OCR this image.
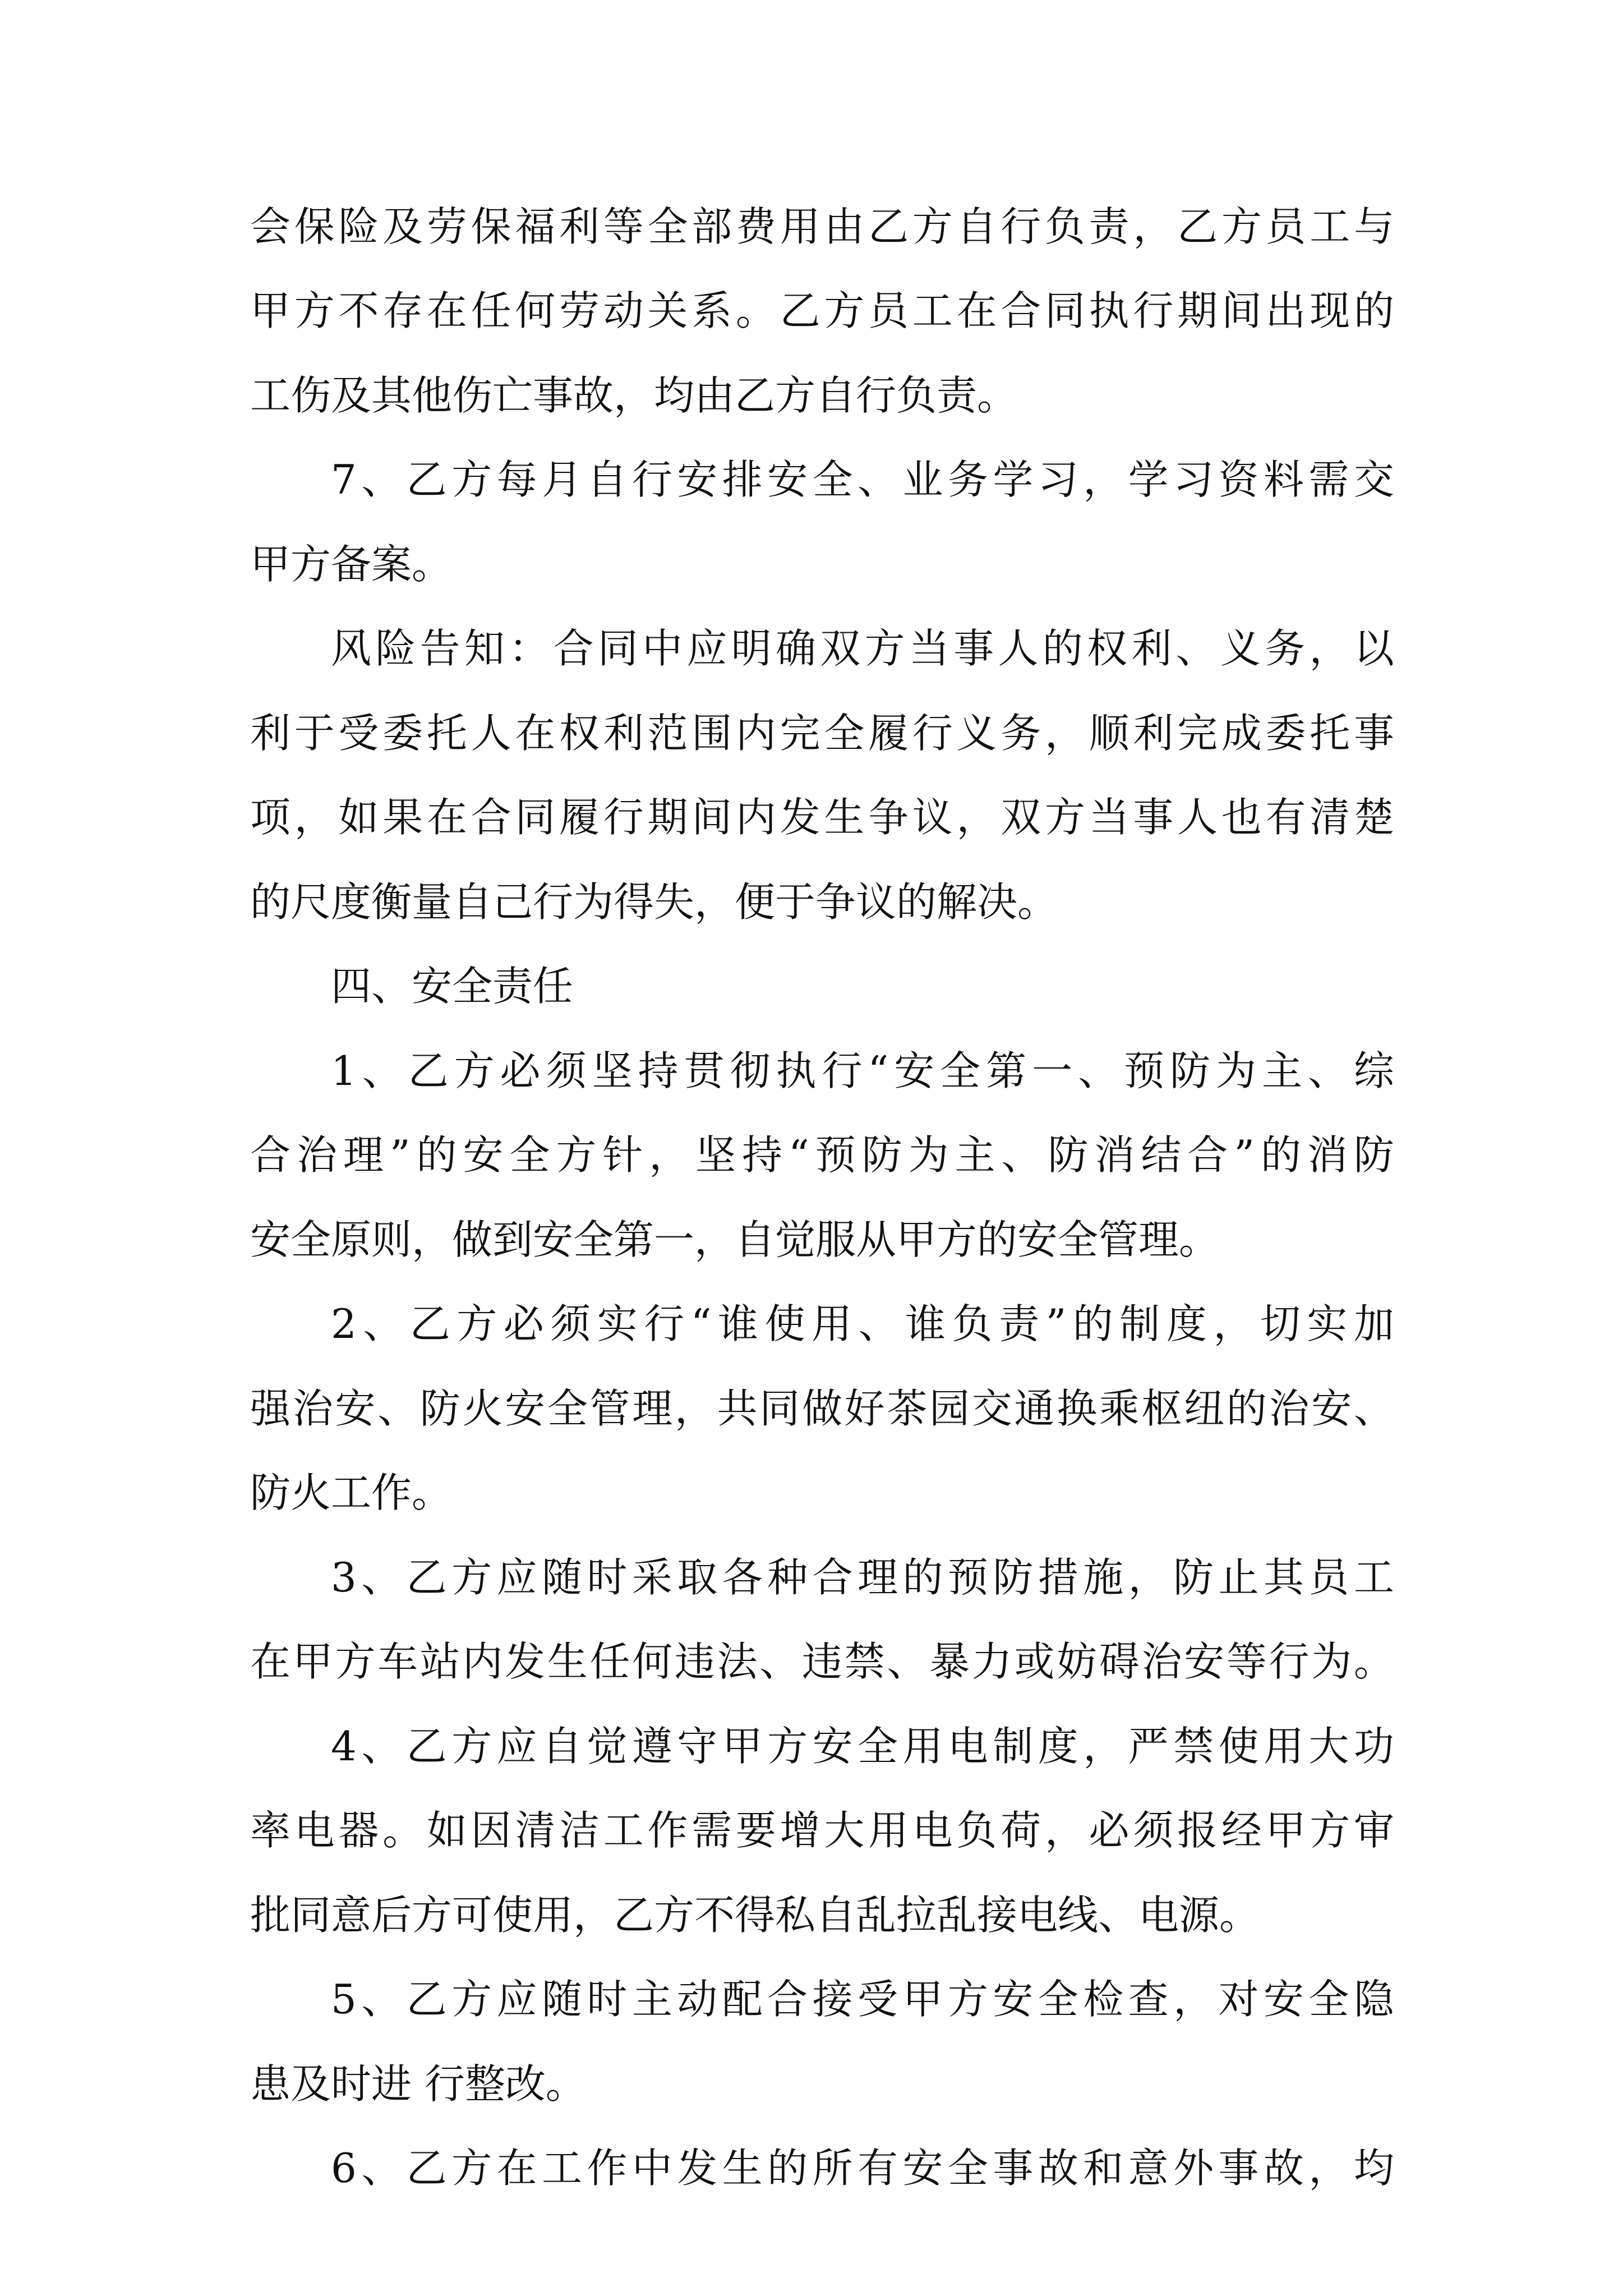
会 保 险 及 劳 保 福 利 等 全 部 费 用 由 乙 方 自 行 负 责 ， 乙 方 员 工 与
甲 方 不 存 在 任 何 劳 动 关 系 。 乙 方 员 工 在 合 同 执 行 期 间 出 现 的
工伤及其他伤亡事故，均由乙方自行负责。
7 、 乙 方 每 月 自 行 安 排 安 全 、 业 务 学 习 ， 学 习 资 料 需 交
甲方备案。
风 险 告 知 ： 合 同 中 应 明 确 双 方 当 事 人 的 权 利 、 义 务 ， 以
利 于 受 委 托 人 在 权 利 范 围 内 完 全 履 行 义 务 ， 顺 利 完 成 委 托 事
项 ， 如 果 在 合 同 履 行 期 间 内 发 生 争 议 ， 双 方 当 事 人 也 有 清 楚
的尺度衡量自己行为得失，便于争议的解决。
四、安全责任
1 、 乙 方 必 须 坚 持 贯 彻 执 行 “ 安 全 第 一 、 预 防 为 主 、 综
合 治 理 ” 的 安 全 方 针 ， 坚 持 “ 预 防 为 主 、 防 消 结 合 ” 的 消 防
安全原则，做到安全第一，自觉服从甲方的安全管理。
2 、 乙 方 必 须 实 行 “ 谁 使 用 、 谁 负 责 ” 的 制 度 ， 切 实 加
强 治 安 、 防 火 安 全 管 理 ， 共 同 做 好 茶 园 交 通 换 乘 枢 纽 的 治 安 、
防火工作。
3 、 乙 方 应 随 时 采 取 各 种 合 理 的 预 防 措 施 ， 防 止 其 员 工
在 甲 方 车 站 内 发 生 任 何 违 法 、 违 禁 、 暴 力 或 妨 碍 治 安 等 行 为 。
4 、 乙 方 应 自 觉 遵 守 甲 方 安 全 用 电 制 度 ， 严 禁 使 用 大 功
率 电 器 。 如 因 清 洁 工 作 需 要 增 大 用 电 负 荷 ， 必 须 报 经 甲 方 审
批同意后方可使用，乙方不得私自乱拉乱接电线、电源。
5 、 乙 方 应 随 时 主 动 配 合 接 受 甲 方 安 全 检 查 ， 对 安 全 隐
患及时进 行整改。
6 、 乙 方 在 工 作 中 发 生 的 所 有 安 全 事 故 和 意 外 事 故 ， 均
